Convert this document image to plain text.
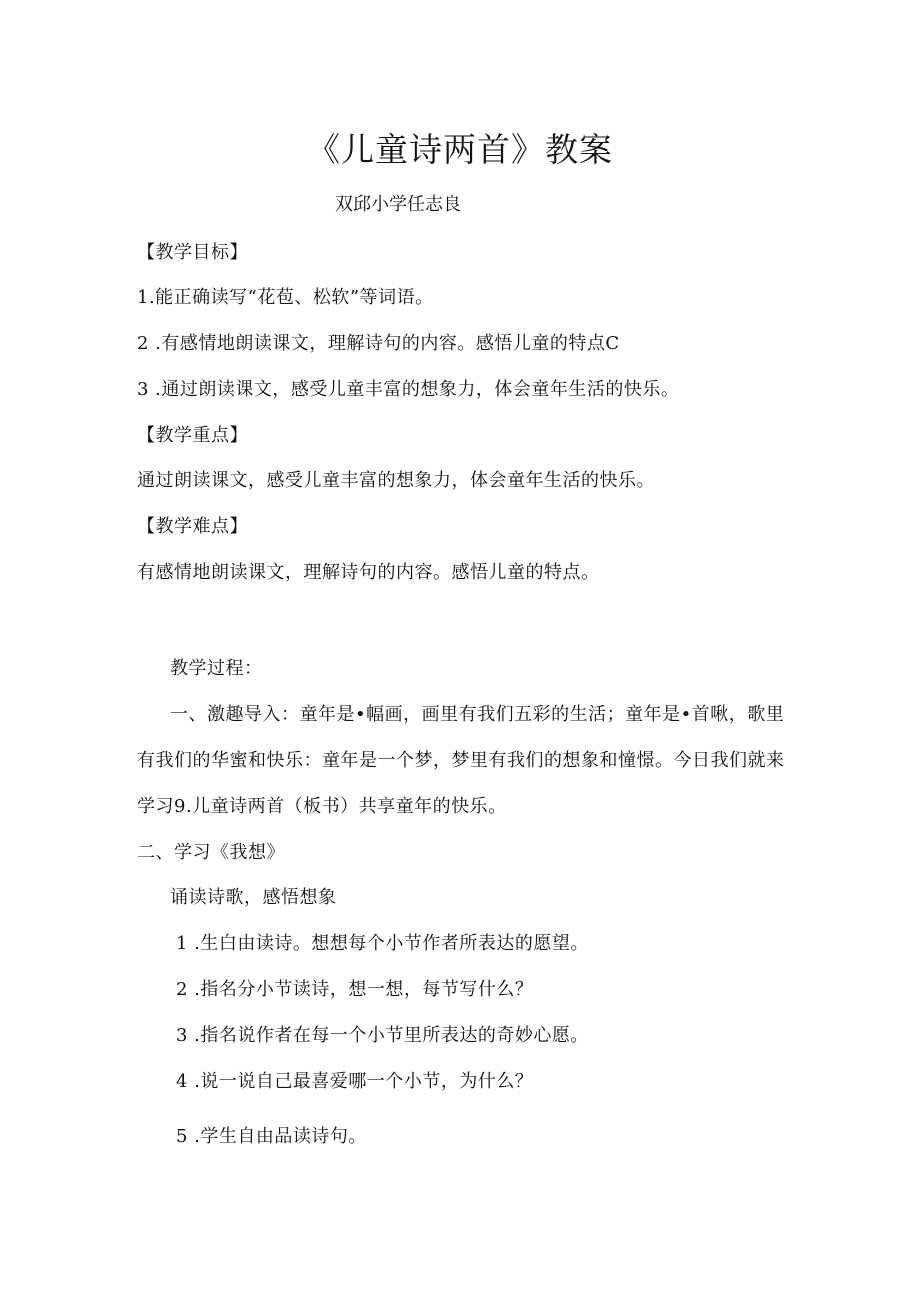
《儿童诗两首》教案
双邱小学任志良
【教学目标】
1.能正确读写“花苞、松软”等词语。
2 .有感情地朗读课文，理解诗句的内容。感悟儿童的特点C
3 .通过朗读课文，感受儿童丰富的想象力，体会童年生活的快乐。
【教学重点】
通过朗读课文，感受儿童丰富的想象力，体会童年生活的快乐。
【教学难点】
有感情地朗读课文，理解诗句的内容。感悟儿童的特点。
教学过程：
一、激趣导入：童年是•幅画，画里有我们五彩的生活；童年是•首啾，歌里
有我们的华蜜和快乐：童年是一个梦，梦里有我们的想象和憧憬。今日我们就来
学习9.儿童诗两首（板书）共享童年的快乐。
二、学习《我想》
诵读诗歌，感悟想象
1 .生白由读诗。想想每个小节作者所表达的愿望。
2 .指名分小节读诗，想一想，每节写什么？
3 .指名说作者在每一个小节里所表达的奇妙心愿。
4 .说一说自己最喜爱哪一个小节，为什么？
5 .学生自由品读诗句。
